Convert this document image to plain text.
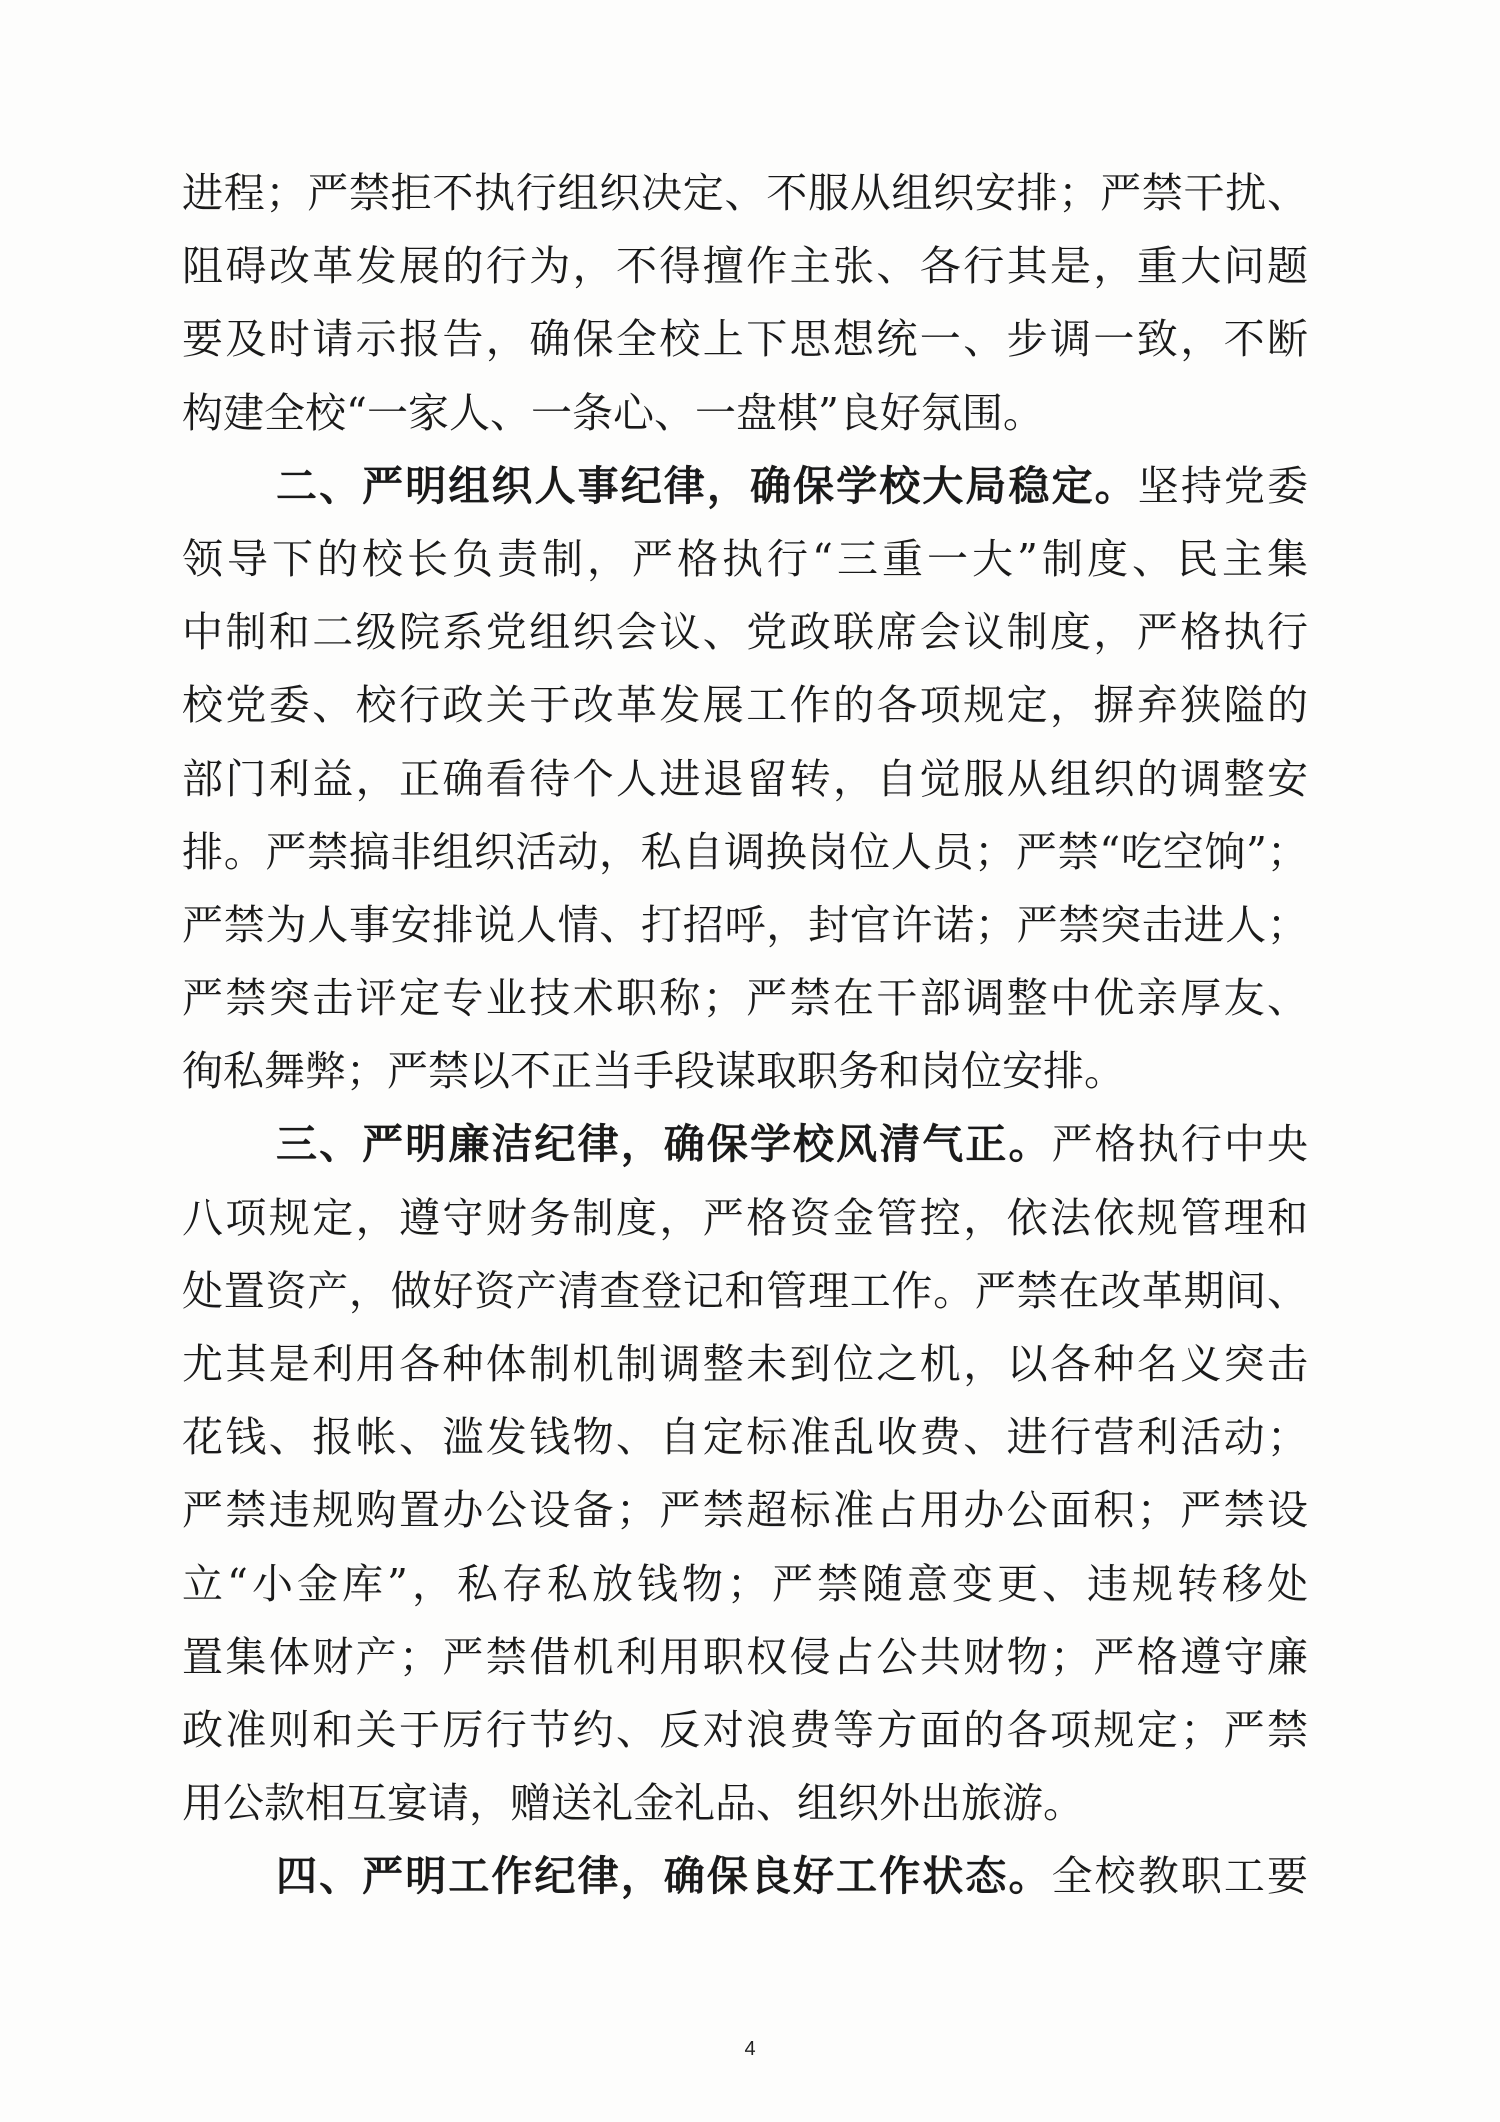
进程；严禁拒不执行组织决定、不服从组织安排；严禁干扰、
阻碍改革发展的行为，不得擅作主张、各行其是，重大问题
要及时请示报告，确保全校上下思想统一、步调一致，不断
构建全校“一家人、一条心、一盘棋”良好氛围。
二、严明组织人事纪律，确保学校大局稳定。坚持党委
领导下的校长负责制，严格执行“三重一大”制度、民主集
中制和二级院系党组织会议、党政联席会议制度，严格执行
校党委、校行政关于改革发展工作的各项规定，摒弃狭隘的
部门利益，正确看待个人进退留转，自觉服从组织的调整安
排。严禁搞非组织活动，私自调换岗位人员；严禁“吃空饷”；
严禁为人事安排说人情、打招呼，封官许诺；严禁突击进人；
严禁突击评定专业技术职称；严禁在干部调整中优亲厚友、
徇私舞弊；严禁以不正当手段谋取职务和岗位安排。
三、严明廉洁纪律，确保学校风清气正。严格执行中央
八项规定，遵守财务制度，严格资金管控，依法依规管理和
处置资产，做好资产清查登记和管理工作。严禁在改革期间、
尤其是利用各种体制机制调整未到位之机，以各种名义突击
花钱、报帐、滥发钱物、自定标准乱收费、进行营利活动；
严禁违规购置办公设备；严禁超标准占用办公面积；严禁设
立“小金库”，私存私放钱物；严禁随意变更、违规转移处
置集体财产；严禁借机利用职权侵占公共财物；严格遵守廉
政准则和关于厉行节约、反对浪费等方面的各项规定；严禁
用公款相互宴请，赠送礼金礼品、组织外出旅游。
四、严明工作纪律，确保良好工作状态。全校教职工要
4
